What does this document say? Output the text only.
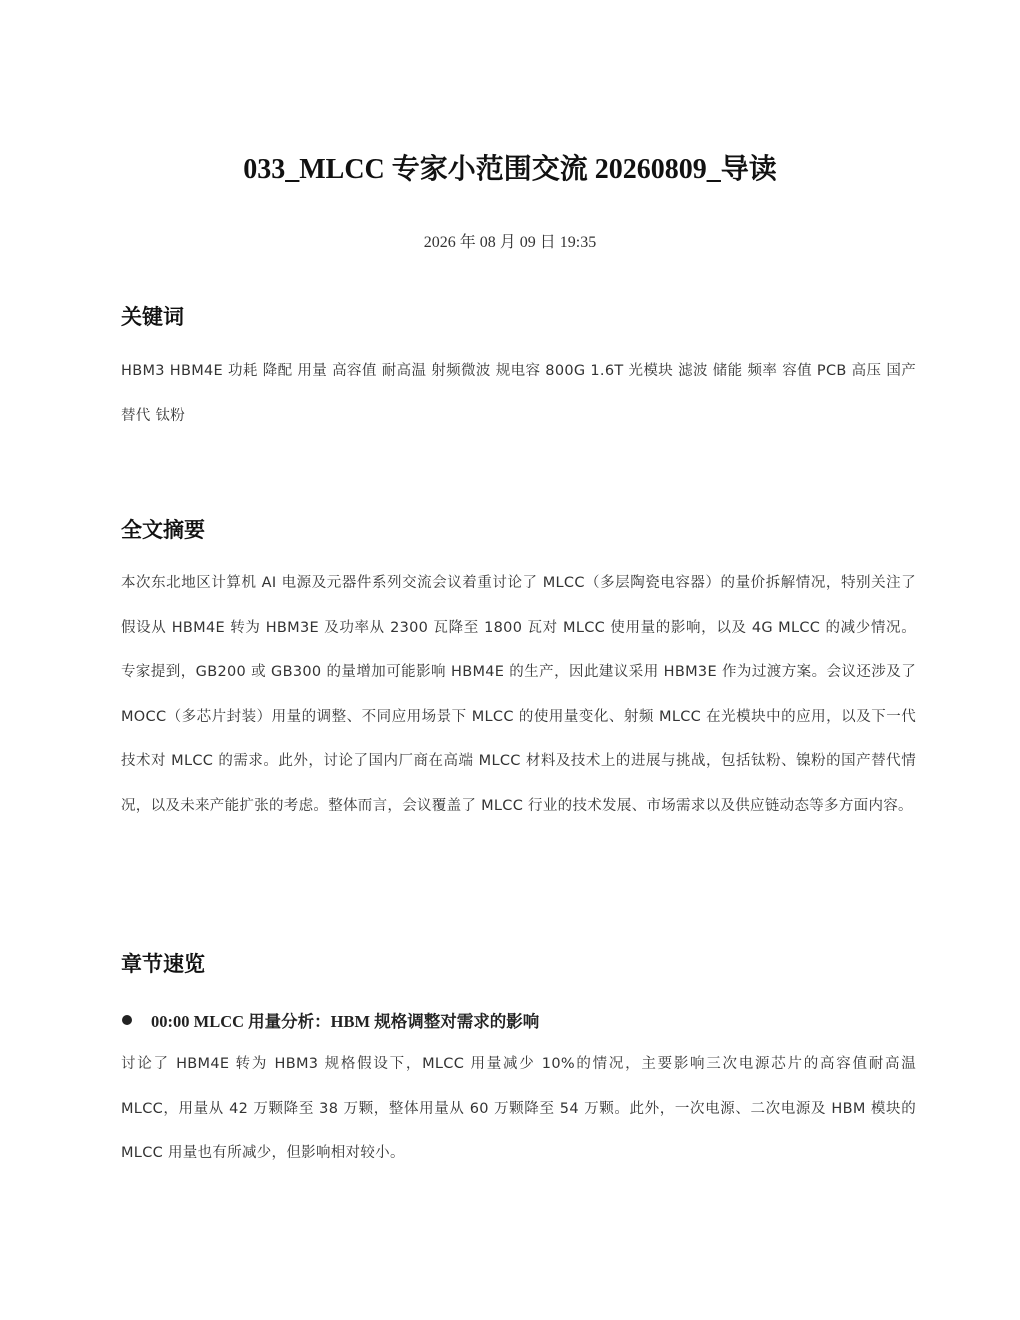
033_MLCC 专家小范围交流 20260809_导读
2026 年 08 月 09 日 19:35
关键词

HBM3 HBM4E 功耗 降配 用量 高容值 耐高温 射频微波 规电容 800G 1.6T 光模块 滤波 储能 频率 容值 PCB 高压 国产替代 钛粉

全文摘要

本次东北地区计算机 AI 电源及元器件系列交流会议着重讨论了 MLCC（多层陶瓷电容器）的量价拆解情况，特别关注了假设从 HBM4E 转为 HBM3E 及功率从 2300 瓦降至 1800 瓦对 MLCC 使用量的影响，以及 4G MLCC 的减少情况。专家提到，GB200 或 GB300 的量增加可能影响 HBM4E 的生产，因此建议采用 HBM3E 作为过渡方案。会议还涉及了 MOCC（多芯片封装）用量的调整、不同应用场景下 MLCC 的使用量变化、射频 MLCC 在光模块中的应用，以及下一代技术对 MLCC 的需求。此外，讨论了国内厂商在高端 MLCC 材料及技术上的进展与挑战，包括钛粉、镍粉的国产替代情况，以及未来产能扩张的考虑。整体而言，会议覆盖了 MLCC 行业的技术发展、市场需求以及供应链动态等多方面内容。

章节速览
00:00 MLCC 用量分析：HBM 规格调整对需求的影响

讨论了 HBM4E 转为 HBM3 规格假设下，MLCC 用量减少 10%的情况，主要影响三次电源芯片的高容值耐高温 MLCC，用量从 42 万颗降至 38 万颗，整体用量从 60 万颗降至 54 万颗。此外，一次电源、二次电源及 HBM 模块的 MLCC 用量也有所减少，但影响相对较小。
